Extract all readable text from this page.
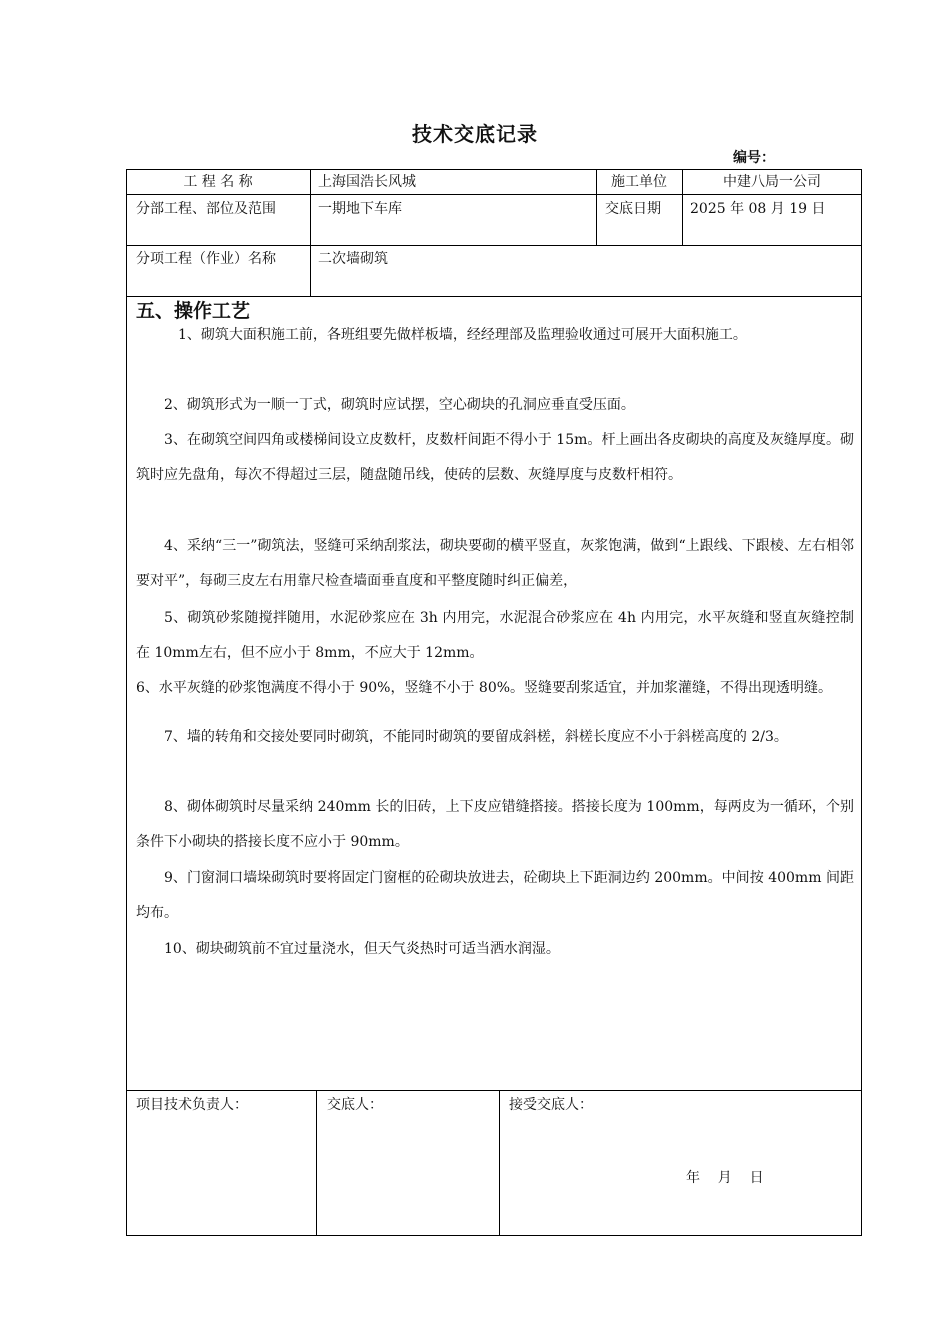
技术交底记录
编号：
工 程 名 称	上海国浩长风城	施工单位	中建八局一公司
分部工程、部位及范围	一期地下车库	交底日期 2025 年 08 月 19 日
分项工程（作业）名称	二次墙砌筑
五、操作工艺
1、砌筑大面积施工前，各班组要先做样板墙，经经理部及监理验收通过可展开大面积施工。
2、砌筑形式为一顺一丁式，砌筑时应试摆，空心砌块的孔洞应垂直受压面。
3、在砌筑空间四角或楼梯间设立皮数杆，皮数杆间距不得小于 15m。杆上画出各皮砌块的高度及灰缝厚度。砌筑时应先盘角，每次不得超过三层，随盘随吊线，使砖的层数、灰缝厚度与皮数杆相符。
4、采纳“三一”砌筑法，竖缝可采纳刮浆法，砌块要砌的横平竖直，灰浆饱满，做到“上跟线、下跟棱、左右相邻要对平”，每砌三皮左右用靠尺检查墙面垂直度和平整度随时纠正偏差，
5、砌筑砂浆随搅拌随用，水泥砂浆应在 3h 内用完，水泥混合砂浆应在 4h 内用完，水平灰缝和竖直灰缝控制在 10mm左右，但不应小于 8mm，不应大于 12mm。
6、水平灰缝的砂浆饱满度不得小于 90%，竖缝不小于 80%。竖缝要刮浆适宜，并加浆灌缝，不得出现透明缝。
7、墙的转角和交接处要同时砌筑，不能同时砌筑的要留成斜槎，斜槎长度应不小于斜槎高度的 2/3。
8、砌体砌筑时尽量采纳 240mm 长的旧砖，上下皮应错缝搭接。搭接长度为 100mm，每两皮为一循环，个别条件下小砌块的搭接长度不应小于 90mm。
9、门窗洞口墙垛砌筑时要将固定门窗框的砼砌块放进去，砼砌块上下距洞边约 200mm。中间按 400mm 间距均布。
10、砌块砌筑前不宜过量浇水，但天气炎热时可适当洒水润湿。
项目技术负责人：	交底人：	接受交底人：
年    月    日
